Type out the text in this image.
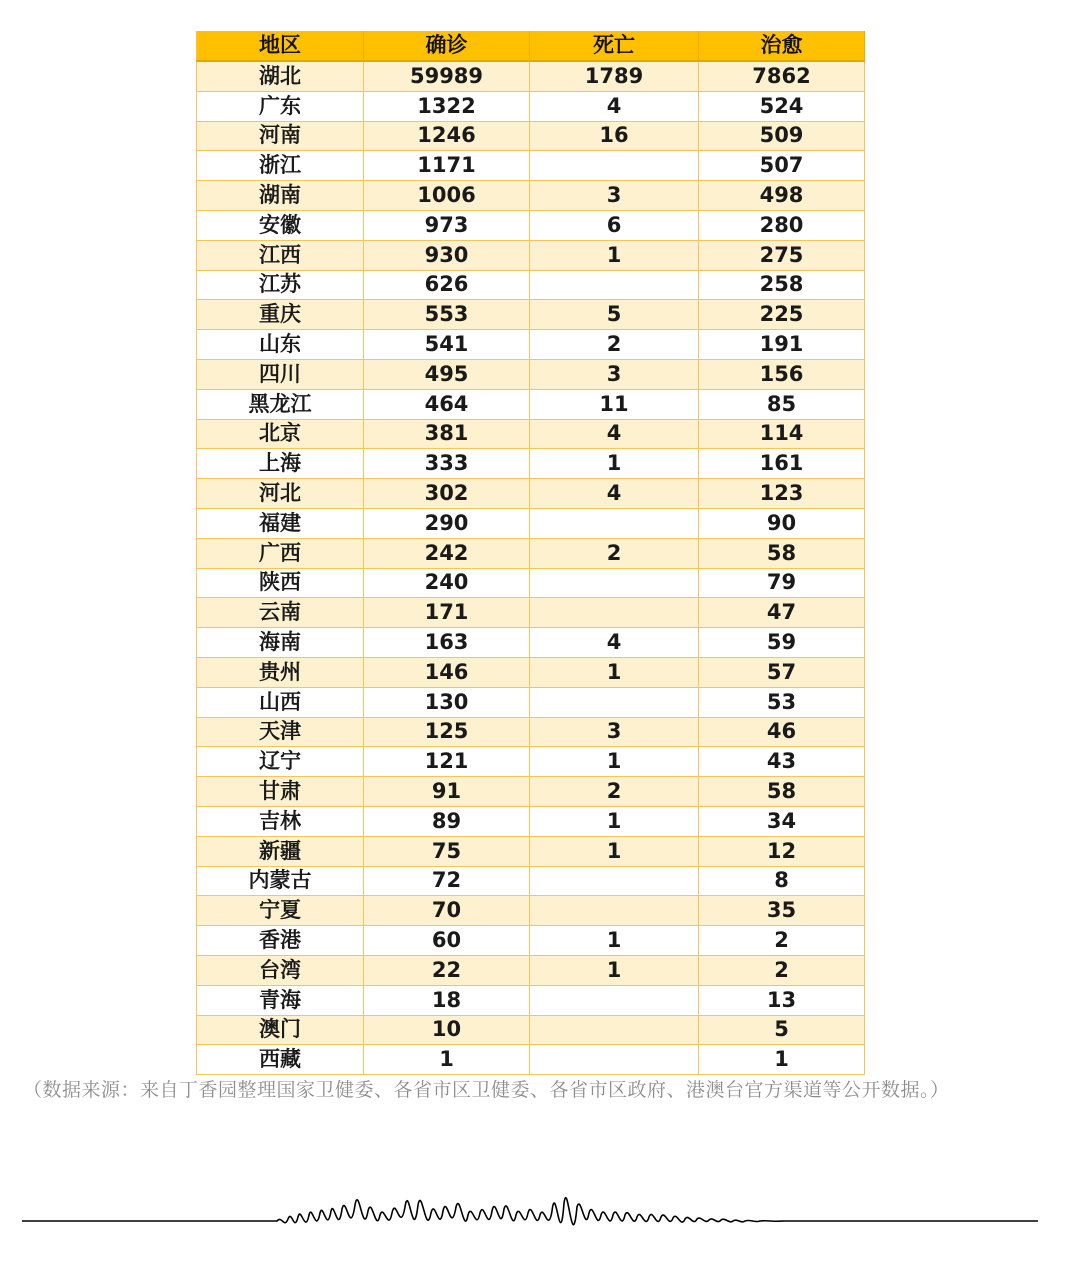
地区	确诊	死亡	治愈
湖北	59989	1789	7862
广东	1322	4	524
河南	1246	16	509
浙江	1171		507
湖南	1006	3	498
安徽	973	6	280
江西	930	1	275
江苏	626		258
重庆	553	5	225
山东	541	2	191
四川	495	3	156
黑龙江	464	11	85
北京	381	4	114
上海	333	1	161
河北	302	4	123
福建	290		90
广西	242	2	58
陕西	240		79
云南	171		47
海南	163	4	59
贵州	146	1	57
山西	130		53
天津	125	3	46
辽宁	121	1	43
甘肃	91	2	58
吉林	89	1	34
新疆	75	1	12
内蒙古	72		8
宁夏	70		35
香港	60	1	2
台湾	22	1	2
青海	18		13
澳门	10		5
西藏	1		1
（数据来源：来自丁香园整理国家卫健委、各省市区卫健委、各省市区政府、港澳台官方渠道等公开数据。）
